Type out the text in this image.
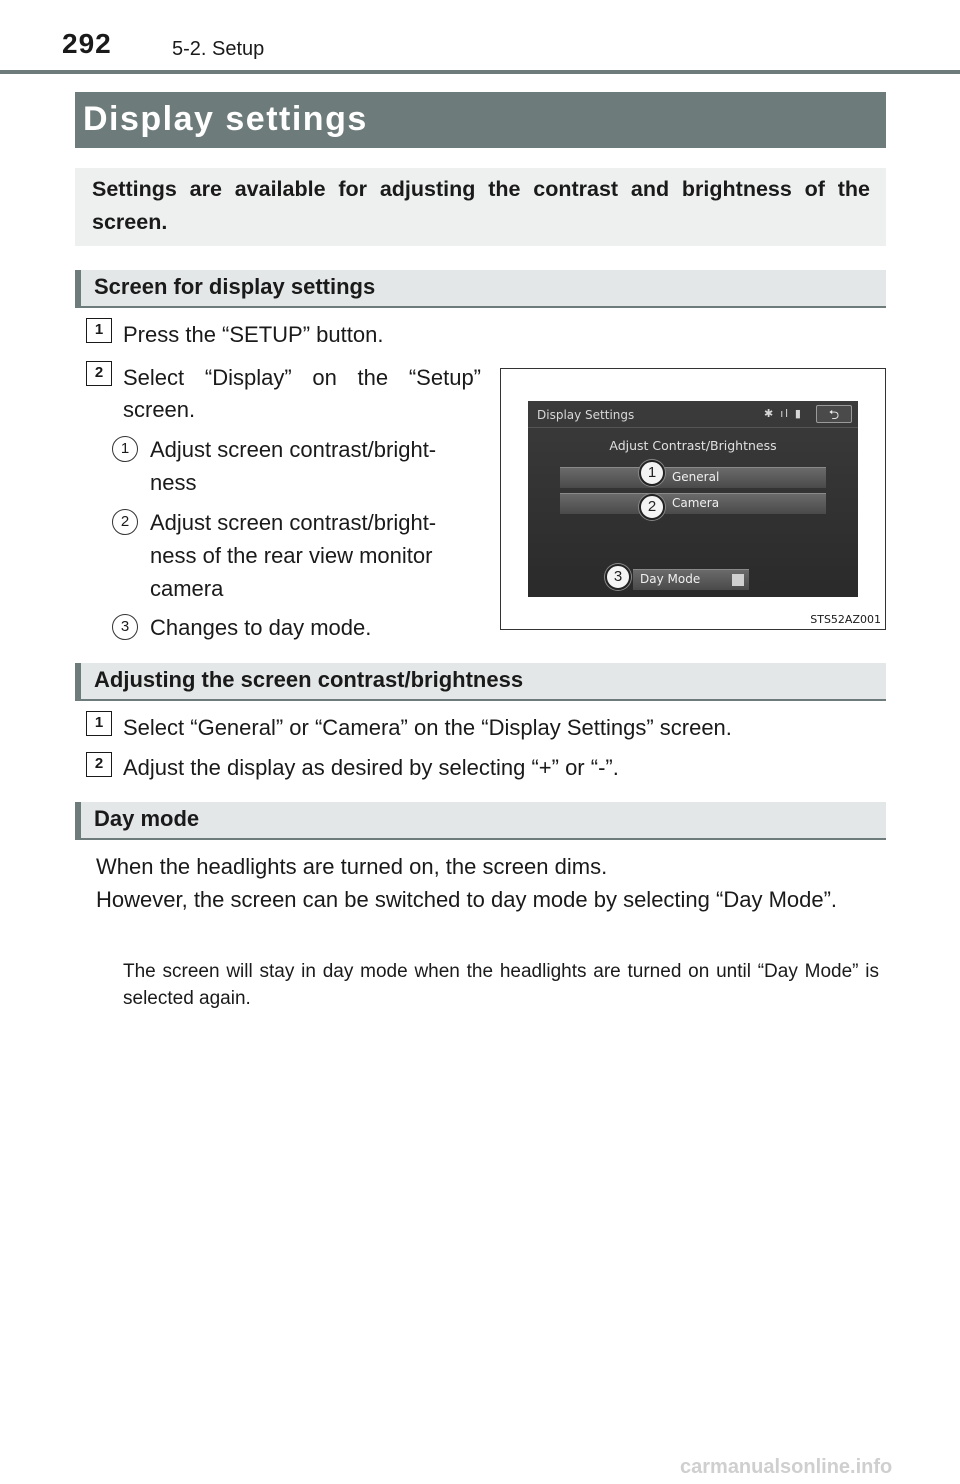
292	5-2. Setup
Display settings
Settings are available for adjusting the contrast and brightness of the screen.
Screen for display settings
1 Press the “SETUP” button.
2 Select “Display” on the “Setup”
screen.
1 Adjust screen contrast/bright-
ness
2 Adjust screen contrast/bright-
ness of the rear view monitor
camera
3 Changes to day mode.
Display Settings	✱ ıl ▮	⮌
Adjust Contrast/Brightness
General
Camera
Day Mode
1
2
3
STS52AZ001
Adjusting the screen contrast/brightness
1 Select “General” or “Camera” on the “Display Settings” screen.
2 Adjust the display as desired by selecting “+” or “-”.
Day mode
When the headlights are turned on, the screen dims.
However, the screen can be switched to day mode by selecting “Day Mode”.
The screen will stay in day mode when the headlights are turned on until “Day Mode” is selected again.
carmanualsonline.info
